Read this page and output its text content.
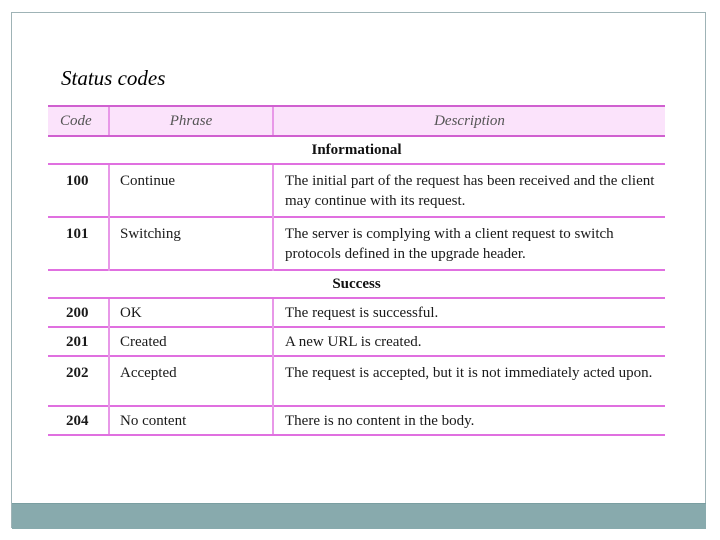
Status codes
Code	Phrase	Description
Informational		
100	Continue	The initial part of the request has been received and the client may continue with its request.
101	Switching	The server is complying with a client request to switch protocols defined in the upgrade header.
Success		
200	OK	The request is successful.
201	Created	A new URL is created.
202	Accepted	The request is accepted, but it is not immediately acted upon.
204	No content	There is no content in the body.
